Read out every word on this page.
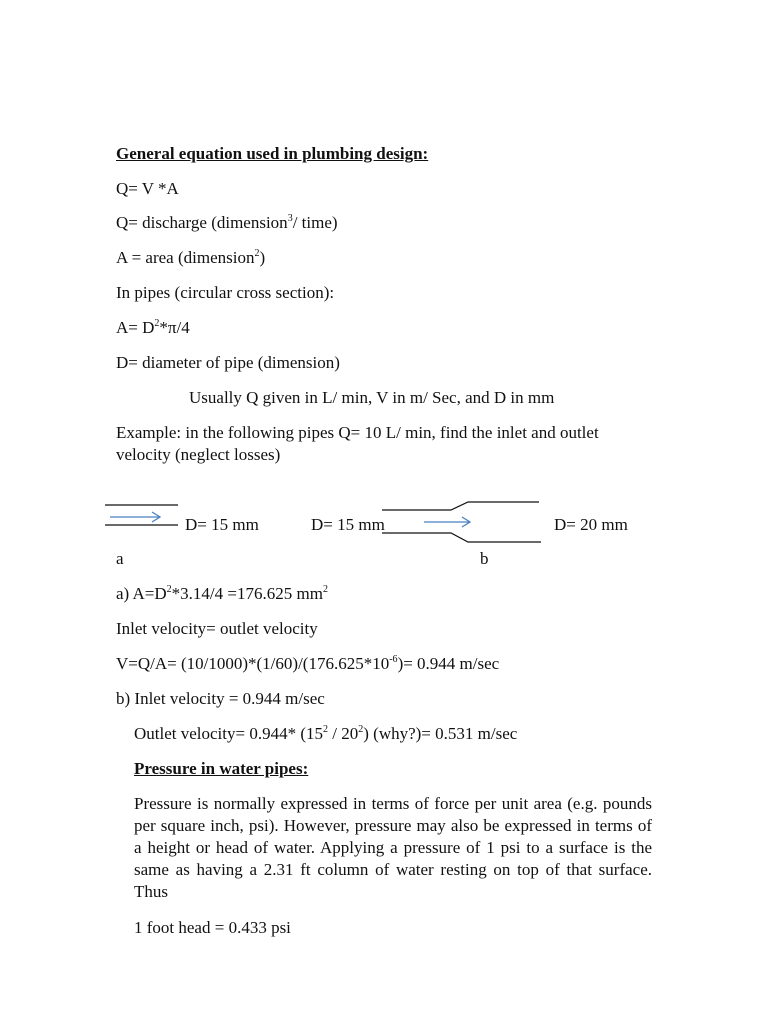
General equation used in plumbing design:

Q= V *A

Q= discharge (dimension$^3$/ time)

A = area (dimension$^2$)

In pipes (circular cross section):

$A= D^2*\pi/4$

D= diameter of pipe (dimension)

Usually Q given in L/ min, V in m/ Sec, and D in mm

Example: in the following pipes Q= 10 L/ min, find the inlet and outlet velocity (neglect losses)

D= 15 mm	D= 15 mm	D= 20 mm

a	b

a) $A=D^2*3.14/4 =176.625$ $mm^2$

Inlet velocity= outlet velocity

$V=Q/A= (10/1000)*(1/60)/(176.625*10^{-6})= 0.944$ m/sec

b) Inlet velocity = 0.944 m/sec

Outlet velocity= 0.944* $(15^2 / 20^2)$ (why?)= 0.531 m/sec

Pressure in water pipes:

Pressure is normally expressed in terms of force per unit area (e.g. pounds per square inch, psi). However, pressure may also be expressed in terms of a height or head of water. Applying a pressure of 1 psi to a surface is the same as having a 2.31 ft column of water resting on top of that surface. Thus

1 foot head = 0.433 psi
